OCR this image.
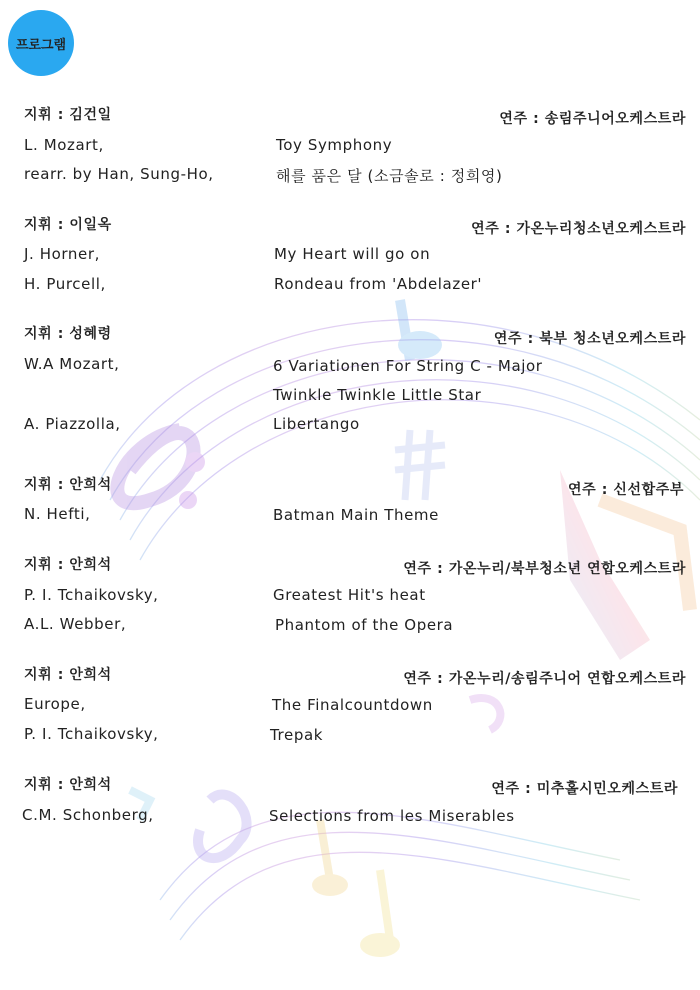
프로그램
지휘 : 김건일	연주 : 송림주니어오케스트라
L. Mozart,	Toy Symphony
rearr. by Han, Sung-Ho,	해를 품은 달 (소금솔로 : 정희영)
지휘 : 이일옥	연주 : 가온누리청소년오케스트라
J. Horner,	My Heart will go on
H. Purcell,	Rondeau from 'Abdelazer'
지휘 : 성혜령	연주 : 북부 청소년오케스트라
W.A Mozart,	6 Variationen For String C - Major
Twinkle Twinkle Little Star
A. Piazzolla,	Libertango
지휘 : 안희석	연주 : 신선합주부
N. Hefti,	Batman Main Theme
지휘 : 안희석	연주 : 가온누리/북부청소년 연합오케스트라
P. I. Tchaikovsky,	Greatest Hit's heat
A.L. Webber,	Phantom of the Opera
지휘 : 안희석	연주 : 가온누리/송림주니어 연합오케스트라
Europe,	The Finalcountdown
P. I. Tchaikovsky,	Trepak
지휘 : 안희석	연주 : 미추홀시민오케스트라
C.M. Schonberg,	Selections from les Miserables
